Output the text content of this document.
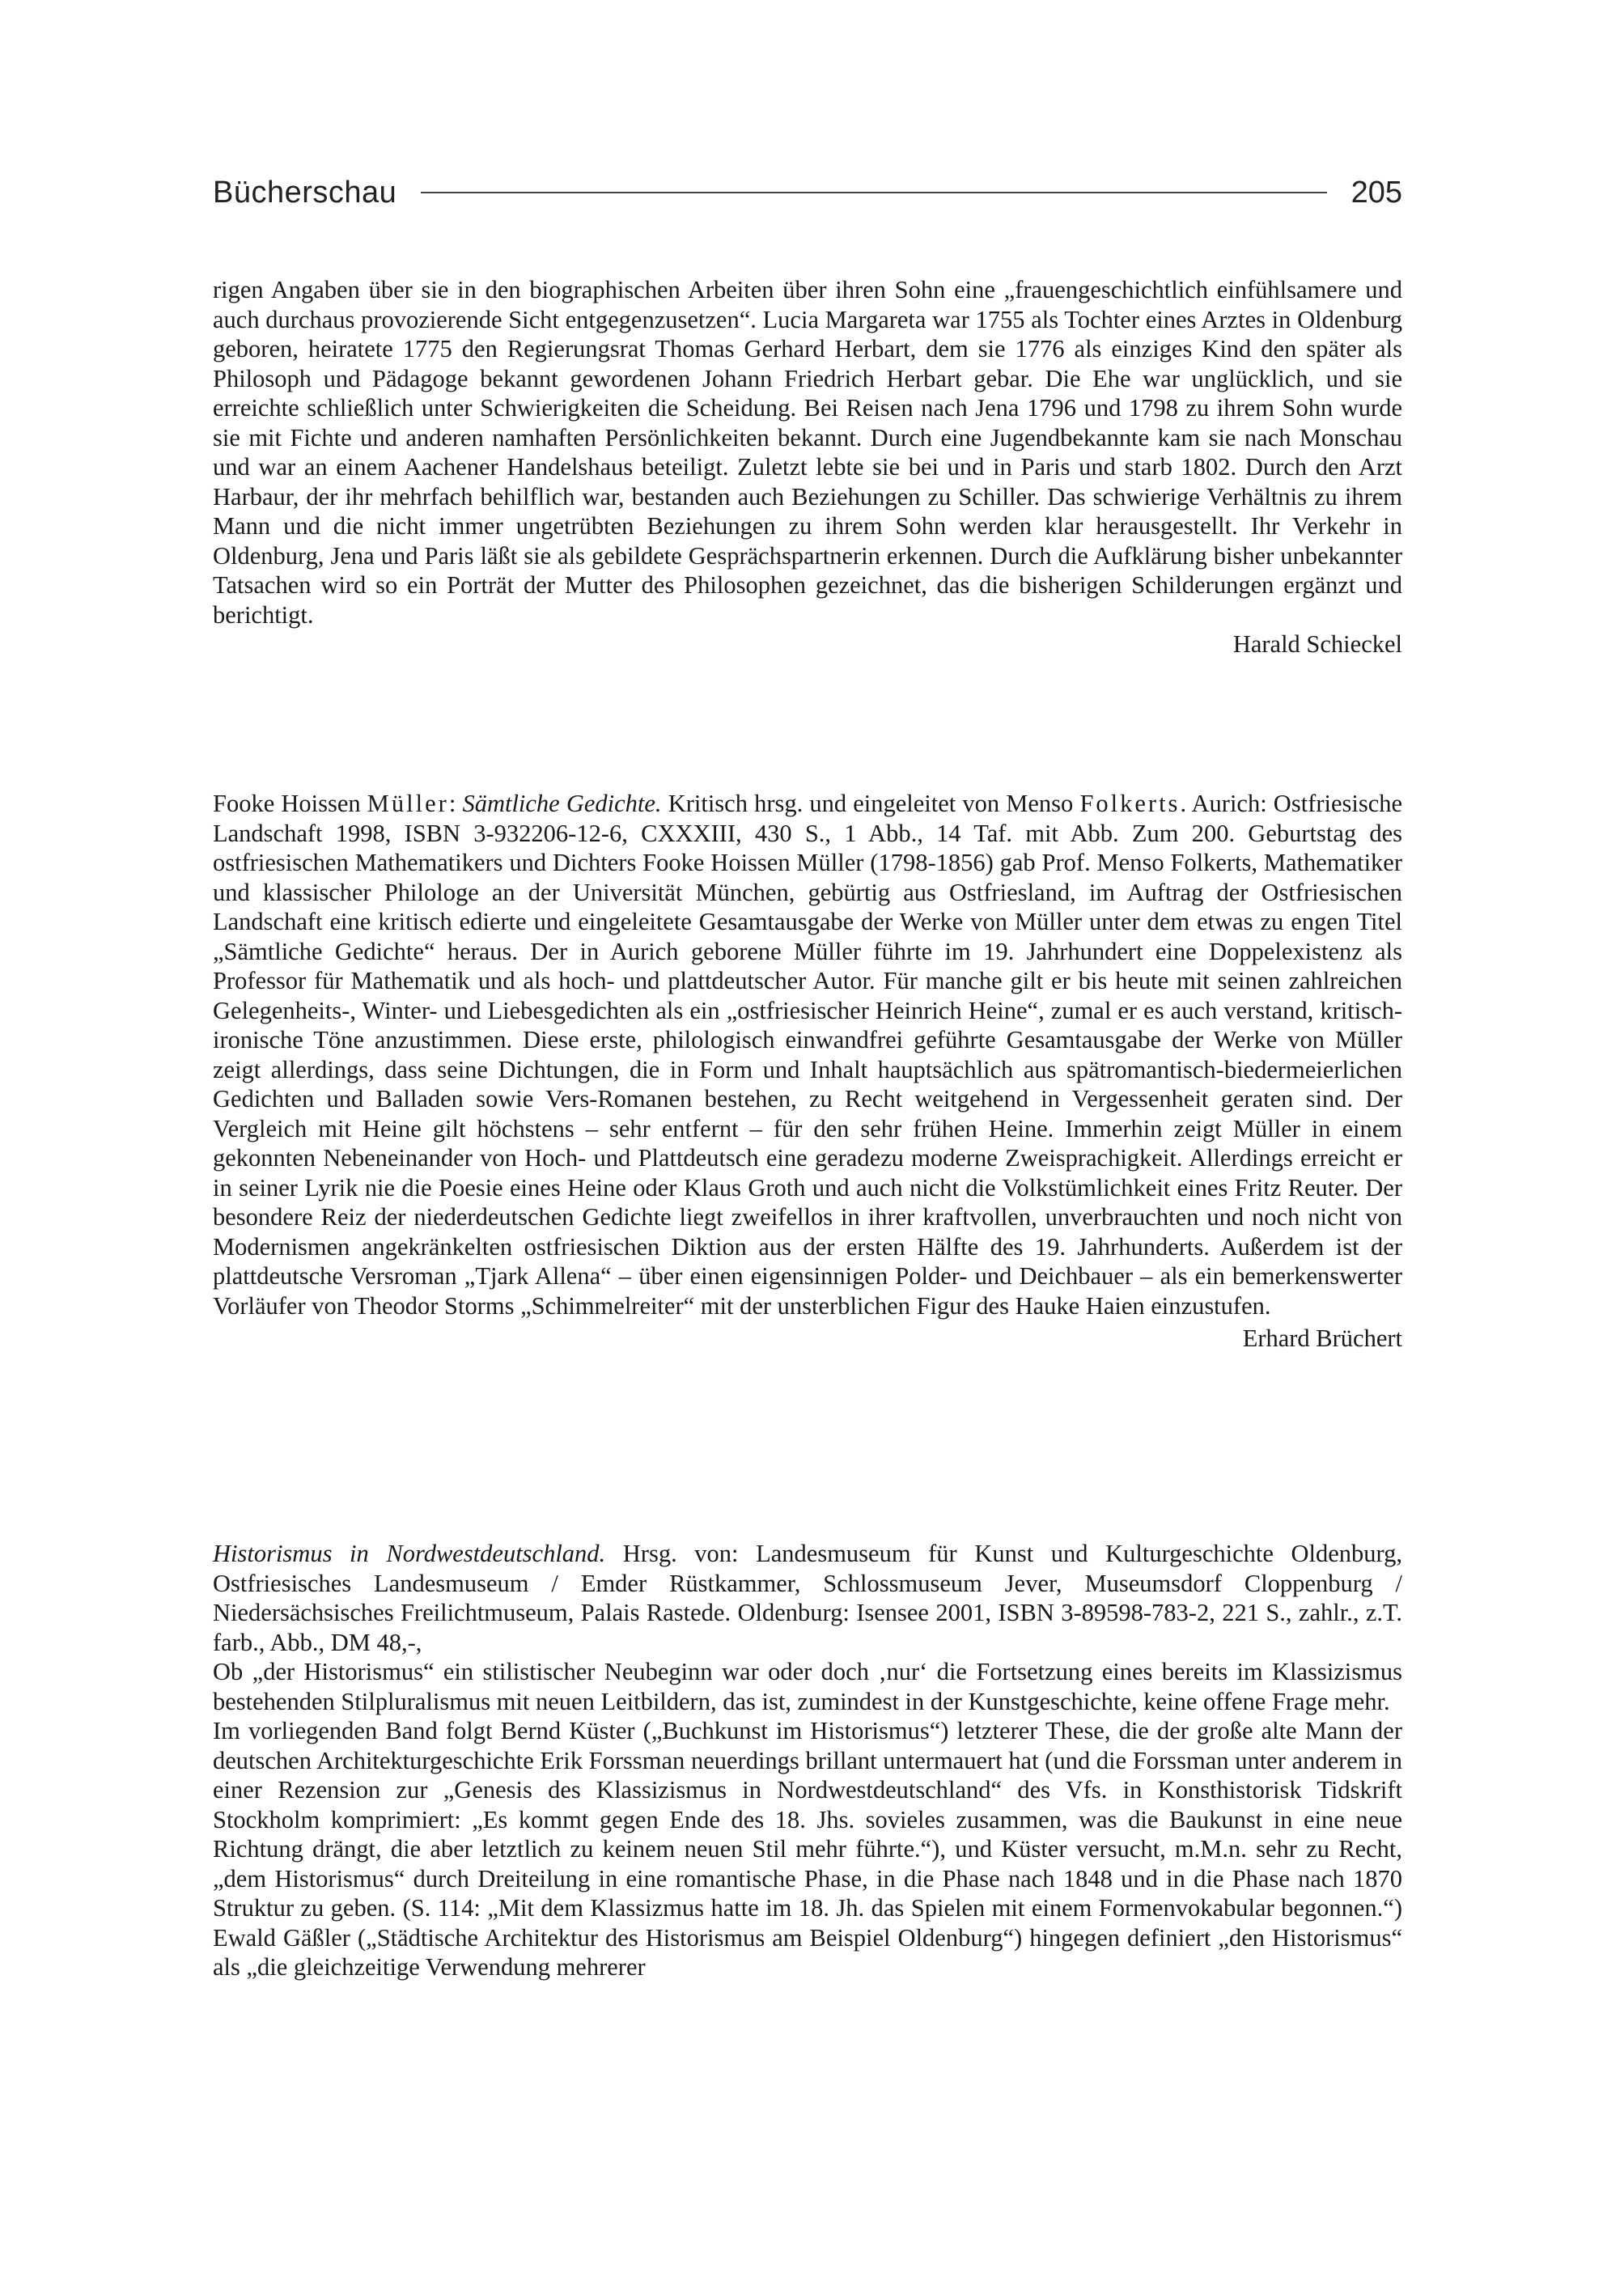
Bücherschau	205

rigen Angaben über sie in den biographischen Arbeiten über ihren Sohn eine „frauengeschichtlich einfühlsamere und auch durchaus provozierende Sicht entgegenzusetzen“. Lucia Margareta war 1755 als Tochter eines Arztes in Oldenburg geboren, heiratete 1775 den Regierungsrat Thomas Gerhard Herbart, dem sie 1776 als einziges Kind den später als Philosoph und Pädagoge bekannt gewordenen Johann Friedrich Herbart gebar. Die Ehe war unglücklich, und sie erreichte schließlich unter Schwierigkeiten die Scheidung. Bei Reisen nach Jena 1796 und 1798 zu ihrem Sohn wurde sie mit Fichte und anderen namhaften Persönlichkeiten bekannt. Durch eine Jugendbekannte kam sie nach Monschau und war an einem Aachener Handelshaus beteiligt. Zuletzt lebte sie bei und in Paris und starb 1802. Durch den Arzt Harbaur, der ihr mehrfach behilflich war, bestanden auch Beziehungen zu Schiller. Das schwierige Verhältnis zu ihrem Mann und die nicht immer ungetrübten Beziehungen zu ihrem Sohn werden klar herausgestellt. Ihr Verkehr in Oldenburg, Jena und Paris läßt sie als gebildete Gesprächspartnerin erkennen. Durch die Aufklärung bisher unbekannter Tatsachen wird so ein Porträt der Mutter des Philosophen gezeichnet, das die bisherigen Schilderungen ergänzt und berichtigt.

Harald Schieckel

Fooke Hoissen Müller: Sämtliche Gedichte. Kritisch hrsg. und eingeleitet von Menso Folkerts. Aurich: Ostfriesische Landschaft 1998, ISBN 3-932206-12-6, CXXXIII, 430 S., 1 Abb., 14 Taf. mit Abb. Zum 200. Geburtstag des ostfriesischen Mathematikers und Dichters Fooke Hoissen Müller (1798-1856) gab Prof. Menso Folkerts, Mathematiker und klassischer Philologe an der Universität München, gebürtig aus Ostfriesland, im Auftrag der Ostfriesischen Landschaft eine kritisch edierte und eingeleitete Gesamtausgabe der Werke von Müller unter dem etwas zu engen Titel „Sämtliche Gedichte“ heraus. Der in Aurich geborene Müller führte im 19. Jahrhundert eine Doppelexistenz als Professor für Mathematik und als hoch- und plattdeutscher Autor. Für manche gilt er bis heute mit seinen zahlreichen Gelegenheits-, Winter- und Liebesgedichten als ein „ostfriesischer Heinrich Heine“, zumal er es auch verstand, kritisch-ironische Töne anzustimmen. Diese erste, philologisch einwandfrei geführte Gesamtausgabe der Werke von Müller zeigt allerdings, dass seine Dichtungen, die in Form und Inhalt hauptsächlich aus spätromantisch-biedermeierlichen Gedichten und Balladen sowie Vers-Romanen bestehen, zu Recht weitgehend in Vergessenheit geraten sind. Der Vergleich mit Heine gilt höchstens – sehr entfernt – für den sehr frühen Heine. Immerhin zeigt Müller in einem gekonnten Nebeneinander von Hoch- und Plattdeutsch eine geradezu moderne Zweisprachigkeit. Allerdings erreicht er in seiner Lyrik nie die Poesie eines Heine oder Klaus Groth und auch nicht die Volkstümlichkeit eines Fritz Reuter. Der besondere Reiz der niederdeutschen Gedichte liegt zweifellos in ihrer kraftvollen, unverbrauchten und noch nicht von Modernismen angekränkelten ostfriesischen Diktion aus der ersten Hälfte des 19. Jahrhunderts. Außerdem ist der plattdeutsche Versroman „Tjark Allena“ – über einen eigensinnigen Polder- und Deichbauer – als ein bemerkenswerter Vorläufer von Theodor Storms „Schimmelreiter“ mit der unsterblichen Figur des Hauke Haien einzustufen.

Erhard Brüchert

Historismus in Nordwestdeutschland. Hrsg. von: Landesmuseum für Kunst und Kulturgeschichte Oldenburg, Ostfriesisches Landesmuseum / Emder Rüstkammer, Schlossmuseum Jever, Museumsdorf Cloppenburg / Niedersächsisches Freilichtmuseum, Palais Rastede. Oldenburg: Isensee 2001, ISBN 3-89598-783-2, 221 S., zahlr., z.T. farb., Abb., DM 48,-,

Ob „der Historismus“ ein stilistischer Neubeginn war oder doch ‚nur‘ die Fortsetzung eines bereits im Klassizismus bestehenden Stilpluralismus mit neuen Leitbildern, das ist, zumindest in der Kunstgeschichte, keine offene Frage mehr.

Im vorliegenden Band folgt Bernd Küster („Buchkunst im Historismus“) letzterer These, die der große alte Mann der deutschen Architekturgeschichte Erik Forssman neuerdings brillant untermauert hat (und die Forssman unter anderem in einer Rezension zur „Genesis des Klassizismus in Nordwestdeutschland“ des Vfs. in Konsthistorisk Tidskrift Stockholm komprimiert: „Es kommt gegen Ende des 18. Jhs. sovieles zusammen, was die Baukunst in eine neue Richtung drängt, die aber letztlich zu keinem neuen Stil mehr führte.“), und Küster versucht, m.M.n. sehr zu Recht, „dem Historismus“ durch Dreiteilung in eine romantische Phase, in die Phase nach 1848 und in die Phase nach 1870 Struktur zu geben. (S. 114: „Mit dem Klassizmus hatte im 18. Jh. das Spielen mit einem Formenvokabular begonnen.“) Ewald Gäßler („Städtische Architektur des Historismus am Beispiel Oldenburg“) hingegen definiert „den Historismus“ als „die gleichzeitige Verwendung mehrerer
